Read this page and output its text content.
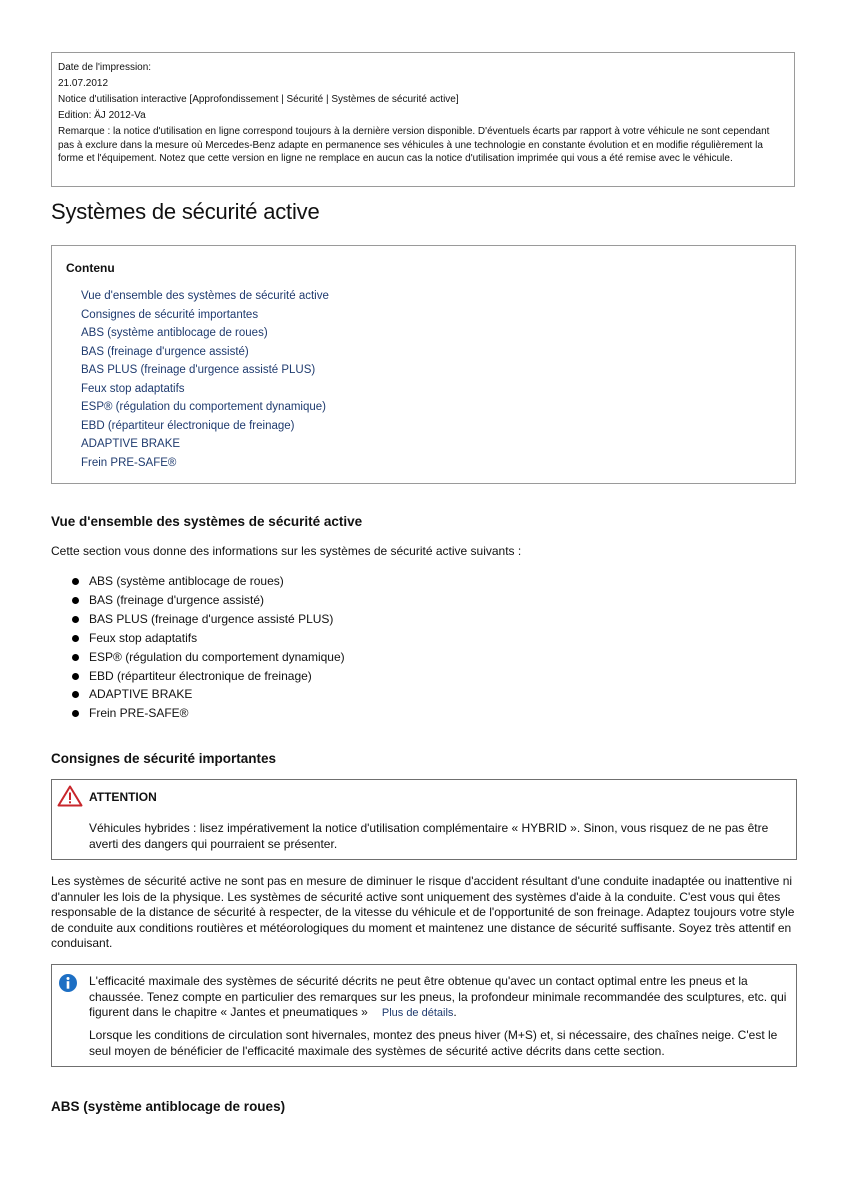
Date de l'impression:
21.07.2012
Notice d'utilisation interactive [Approfondissement | Sécurité | Systèmes de sécurité active]
Edition: ÄJ 2012-Va
Remarque : la notice d'utilisation en ligne correspond toujours à la dernière version disponible. D'éventuels écarts par rapport à votre véhicule ne sont cependant pas à exclure dans la mesure où Mercedes-Benz adapte en permanence ses véhicules à une technologie en constante évolution et en modifie régulièrement la forme et l'équipement. Notez que cette version en ligne ne remplace en aucun cas la notice d'utilisation imprimée qui vous a été remise avec le véhicule.
Systèmes de sécurité active
Contenu
Vue d'ensemble des systèmes de sécurité active
Consignes de sécurité importantes
ABS (système antiblocage de roues)
BAS (freinage d'urgence assisté)
BAS PLUS (freinage d'urgence assisté PLUS)
Feux stop adaptatifs
ESP® (régulation du comportement dynamique)
EBD (répartiteur électronique de freinage)
ADAPTIVE BRAKE
Frein PRE-SAFE®
Vue d'ensemble des systèmes de sécurité active

Cette section vous donne des informations sur les systèmes de sécurité active suivants :

ABS (système antiblocage de roues)
BAS (freinage d'urgence assisté)
BAS PLUS (freinage d'urgence assisté PLUS)
Feux stop adaptatifs
ESP® (régulation du comportement dynamique)
EBD (répartiteur électronique de freinage)
ADAPTIVE BRAKE
Frein PRE-SAFE®
Consignes de sécurité importantes
ATTENTION
Véhicules hybrides : lisez impérativement la notice d'utilisation complémentaire « HYBRID ». Sinon, vous risquez de ne pas être averti des dangers qui pourraient se présenter.

Les systèmes de sécurité active ne sont pas en mesure de diminuer le risque d'accident résultant d'une conduite inadaptée ou inattentive ni d'annuler les lois de la physique. Les systèmes de sécurité active sont uniquement des systèmes d'aide à la conduite. C'est vous qui êtes responsable de la distance de sécurité à respecter, de la vitesse du véhicule et de l'opportunité de son freinage. Adaptez toujours votre style de conduite aux conditions routières et météorologiques du moment et maintenez une distance de sécurité suffisante. Soyez très attentif en conduisant.

L'efficacité maximale des systèmes de sécurité décrits ne peut être obtenue qu'avec un contact optimal entre les pneus et la chaussée. Tenez compte en particulier des remarques sur les pneus, la profondeur minimale recommandée des sculptures, etc. qui figurent dans le chapitre « Jantes et pneumatiques » Plus de détails.
Lorsque les conditions de circulation sont hivernales, montez des pneus hiver (M+S) et, si nécessaire, des chaînes neige. C'est le seul moyen de bénéficier de l'efficacité maximale des systèmes de sécurité active décrits dans cette section.
ABS (système antiblocage de roues)
